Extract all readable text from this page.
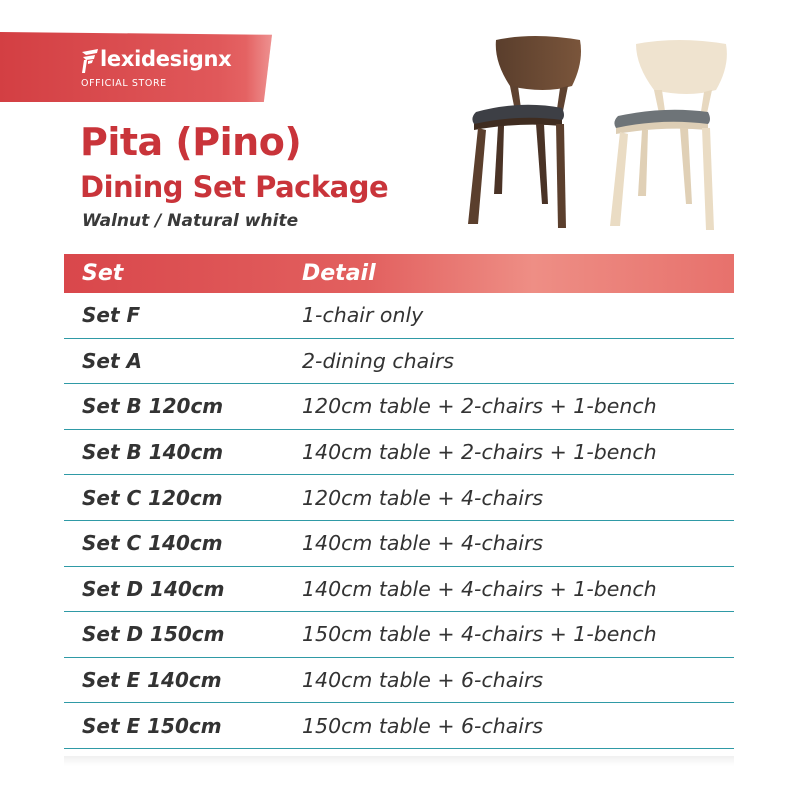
lexidesignx
OFFICIAL STORE
Pita (Pino)
Dining Set Package
Walnut / Natural white
Set	Detail
Set F	1-chair only
Set A	2-dining chairs
Set B 120cm	120cm table + 2-chairs + 1-bench
Set B 140cm	140cm table + 2-chairs + 1-bench
Set C 120cm	120cm table + 4-chairs
Set C 140cm	140cm table + 4-chairs
Set D 140cm	140cm table + 4-chairs + 1-bench
Set D 150cm	150cm table + 4-chairs + 1-bench
Set E 140cm	140cm table + 6-chairs
Set E 150cm	150cm table + 6-chairs
